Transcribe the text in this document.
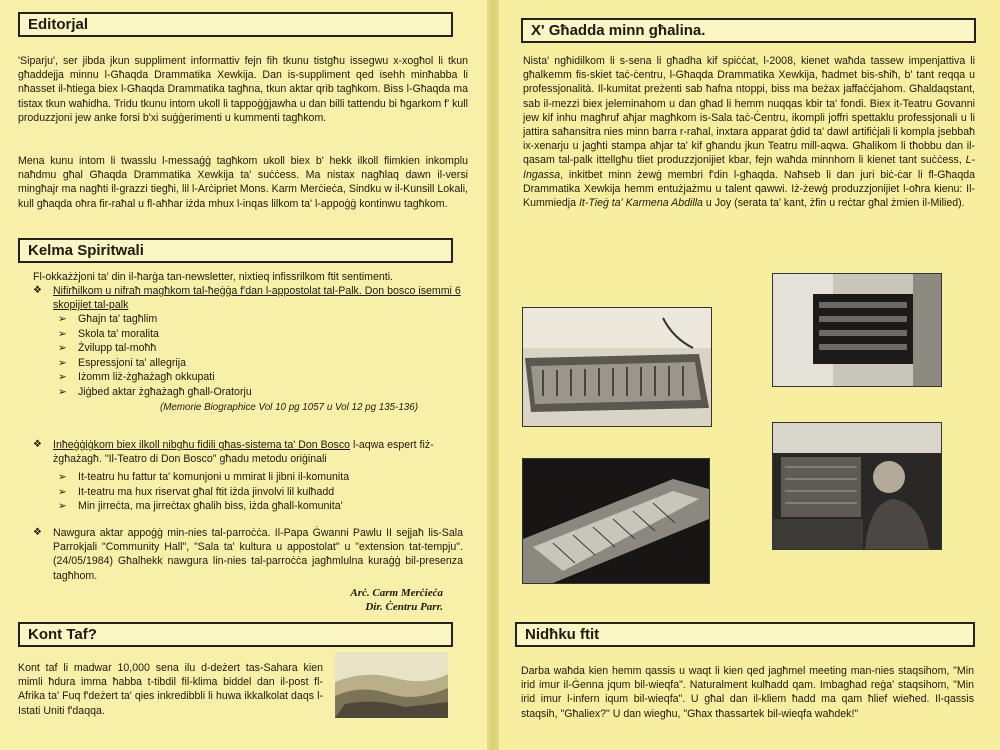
Editorjal

'Siparju', ser jibda jkun suppliment informattiv fejn fih tkunu tistgħu issegwu x-xogħol li tkun għaddejja minnu l-Għaqda Drammatika Xewkija. Dan is-suppliment qed isehh minħabba li nħasset il-ħtiega biex l-Għaqda Drammatika tagħna, tkun aktar qrib tagħkom. Biss l-Għaqda ma tistax tkun waħidha. Tridu tkunu intom ukoll li tappoġġjawha u dan billi tattendu bi ħgarkom f' kull produzzjoni jew anke forsi b'xi suġġerimenti u kummenti tagħkom.

Mena kunu intom li twasslu l-messaġġ tagħkom ukoll biex b' hekk ilkoll flimkien inkomplu naħdmu għal Għaqda Drammatika Xewkija ta' suċċess. Ma nistax nagħlaq dawn il-versi mingħajr ma nagħti il-grazzi tiegħi, lil l-Arċipriet Mons. Karm Merċieċa, Sindku w il-Kunsill Lokali, kull għaqda oħra fir-raħal u fl-aħħar iżda mhux l-inqas lilkom ta' l-appoġġ kontinwu tagħkom.

Kelma Spiritwali

Fl-okkażżjoni ta' din il-ħarġa tan-newsletter, nixtieq infissrilkom ftit sentimenti.

❖	Nifirħilkom u nifraħ magħkom tal-ħeġġa f'dan l-appostolat tal-Palk. Don bosco isemmi 6 skopijiet tal-palk
➢	Għajn ta' tagħlim
➢	Skola ta' moralita
➢	Żvilupp tal-moħħ
➢	Espressjoni ta' allegrija
➢	Iżomm liż-żgħażagħ okkupati
➢	Jiġbed aktar żgħażagħ għall-Oratorju
(Memorie Biographice Vol 10 pg 1057 u Vol 12 pg 135-136)
❖	Inħeġġiġkom biex ilkoll nibgħu fidili għas-sistema ta' Don Bosco l-aqwa espert fiż-żgħażagħ. "Il-Teatro di Don Bosco" għadu metodu oriġinali
➢	It-teatru hu fattur ta' komunjoni u mmirat li jibni il-komunita
➢	It-teatru ma hux riservat għal ftit iżda jinvolvi lil kulħadd
➢	Min jirreċta, ma jirreċtax għalih biss, iżda għall-komunita'
❖	Nawgura aktar appoġġ min-nies tal-parroċċa. Il-Papa Ġwanni Pawlu II sejjaħ lis-Sala Parrokjali "Community Hall", "Sala ta' kultura u appostolat" u "extension tat-tempju". (24/05/1984) Għalhekk nawgura lin-nies tal-parroċċa jagħmlulna kuraġġ bil-presenza tagħhom.
Arċ. Carm Merċieċa
Dir. Ċentru Parr.
Kont Taf?

Kont taf li madwar 10,000 sena ilu d-deżert tas-Sahara kien mimli ħdura imma ħabba t-tibdil fil-klima biddel dan il-post fl-Afrika ta' Fuq f'deżert ta' qies inkredibbli li huwa ikkalkolat daqs l-Istati Uniti f'daqqa.

X' Għadda minn għalina.

Nista' ngħidilkom li s-sena li għadha kif spiċċat, l-2008, kienet waħda tassew impenjattiva li għalkemm fis-skiet taċ-ċentru, l-Għaqda Drammatika Xewkija, ħadmet bis-sħiħ, b' tant reqqa u professjonalità. Il-kumitat preżenti sab ħafna ntoppi, biss ma beżax jaffaċċjahom. Għaldaqstant, sab il-mezzi biex jeleminahom u dan għad li hemm nuqqas kbir ta' fondi. Biex it-Teatru Govanni jew kif inhu magħruf aħjar magħkom is-Sala taċ-Ċentru, ikompli joffri spettaklu professjonali u li jattira saħansitra nies minn barra r-raħal, inxtara apparat ġdid ta' dawl artifiċjali li kompla jsebbaħ ix-xenarju u jagħti stampa aħjar ta' kif għandu jkun Teatru mill-aqwa. Għalikom li tħobbu dan il-qasam tal-palk ittellgħu tliet produzzjonijiet kbar, fejn waħda minnhom li kienet tant suċċess, L-Ingassa, inkitbet minn żewġ membri f'din l-għaqda. Naħseb li dan juri biċ-ċar li fl-Għaqda Drammatika Xewkija hemm entużjażmu u talent qawwi. Iż-żewġ produzzjonijiet l-oħra kienu: Il-Kummiedja It-Tieġ ta' Karmena Abdilla u Joy (serata ta' kant, żfin u reċtar għal żmien il-Milied).

Nidħku ftit

Darba waħda kien hemm qassis u waqt li kien qed jagħmel meeting man-nies staqsihom, "Min irid imur il-Ġenna jqum bil-wieqfa". Naturalment kulħadd qam. Imbagħad reġa' staqsihom, "Min irid imur l-infern iqum bil-wieqfa". U għal dan il-kliem ħadd ma qam ħlief wieħed. Il-qassis staqsih, "Għaliex?" U dan wiegħu, "Għax tħassartek bil-wieqfa waħdek!"
